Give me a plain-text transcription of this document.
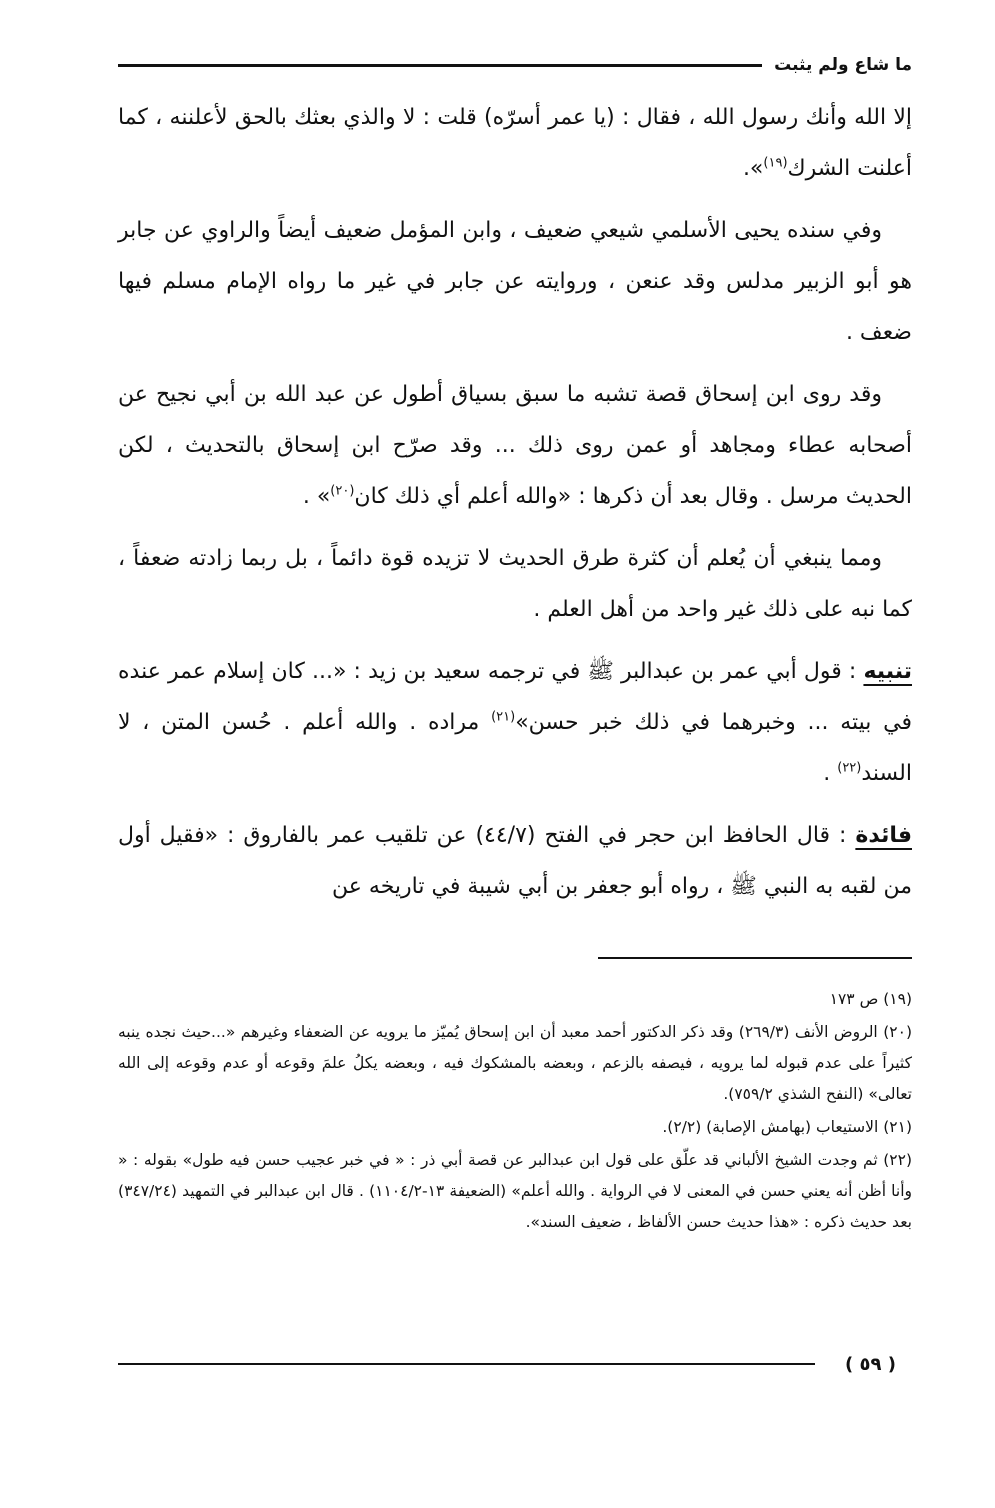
ما شاع ولم يثبت

إلا الله وأنك رسول الله ، فقال : (يا عمر أسرّه) قلت : لا والذي بعثك بالحق لأعلننه ، كما أعلنت الشرك$^{(١٩)}$».

وفي سنده يحيى الأسلمي شيعي ضعيف ، وابن المؤمل ضعيف أيضاً والراوي عن جابر هو أبو الزبير مدلس وقد عنعن ، وروايته عن جابر في غير ما رواه الإمام مسلم فيها ضعف .

وقد روى ابن إسحاق قصة تشبه ما سبق بسياق أطول عن عبد الله بن أبي نجيح عن أصحابه عطاء ومجاهد أو عمن روى ذلك ... وقد صرّح ابن إسحاق بالتحديث ، لكن الحديث مرسل . وقال بعد أن ذكرها : «والله أعلم أي ذلك كان$^{(٢٠)}$» .

ومما ينبغي أن يُعلم أن كثرة طرق الحديث لا تزيده قوة دائماً ، بل ربما زادته ضعفاً ، كما نبه على ذلك غير واحد من أهل العلم .

تنبيه : قول أبي عمر بن عبدالبر ﷺ في ترجمه سعيد بن زيد : «... كان إسلام عمر عنده في بيته ... وخبرهما في ذلك خبر حسن»$^{(٢١)}$ مراده . والله أعلم . حُسن المتن ، لا السند$^{(٢٢)}$ .

فائدة : قال الحافظ ابن حجر في الفتح (٤٤/٧) عن تلقيب عمر بالفاروق : «فقيل أول من لقبه به النبي ﷺ ، رواه أبو جعفر بن أبي شيبة في تاريخه عن

(١٩) ص ١٧٣

(٢٠) الروض الأنف (٢٦٩/٣) وقد ذكر الدكتور أحمد معبد أن ابن إسحاق يُميّز ما يرويه عن الضعفاء وغيرهم «...حيث نجده ينبه كثيراً على عدم قبوله لما يرويه ، فيصفه بالزعم ، وبعضه بالمشكوك فيه ، وبعضه يكلُ علمَ وقوعه أو عدم وقوعه إلى الله تعالى» (النفح الشذي ٧٥٩/٢).

(٢١) الاستيعاب (بهامش الإصابة) (٢/٢).

(٢٢) ثم وجدت الشيخ الألباني قد علّق على قول ابن عبدالبر عن قصة أبي ذر : « في خبر عجيب حسن فيه طول» بقوله : « وأنا أظن أنه يعني حسن في المعنى لا في الرواية . والله أعلم» (الضعيفة ١٣-١١٠٤/٢) . قال ابن عبدالبر في التمهيد (٣٤٧/٢٤) بعد حديث ذكره : «هذا حديث حسن الألفاظ ، ضعيف السند».

( ٥٩ )
